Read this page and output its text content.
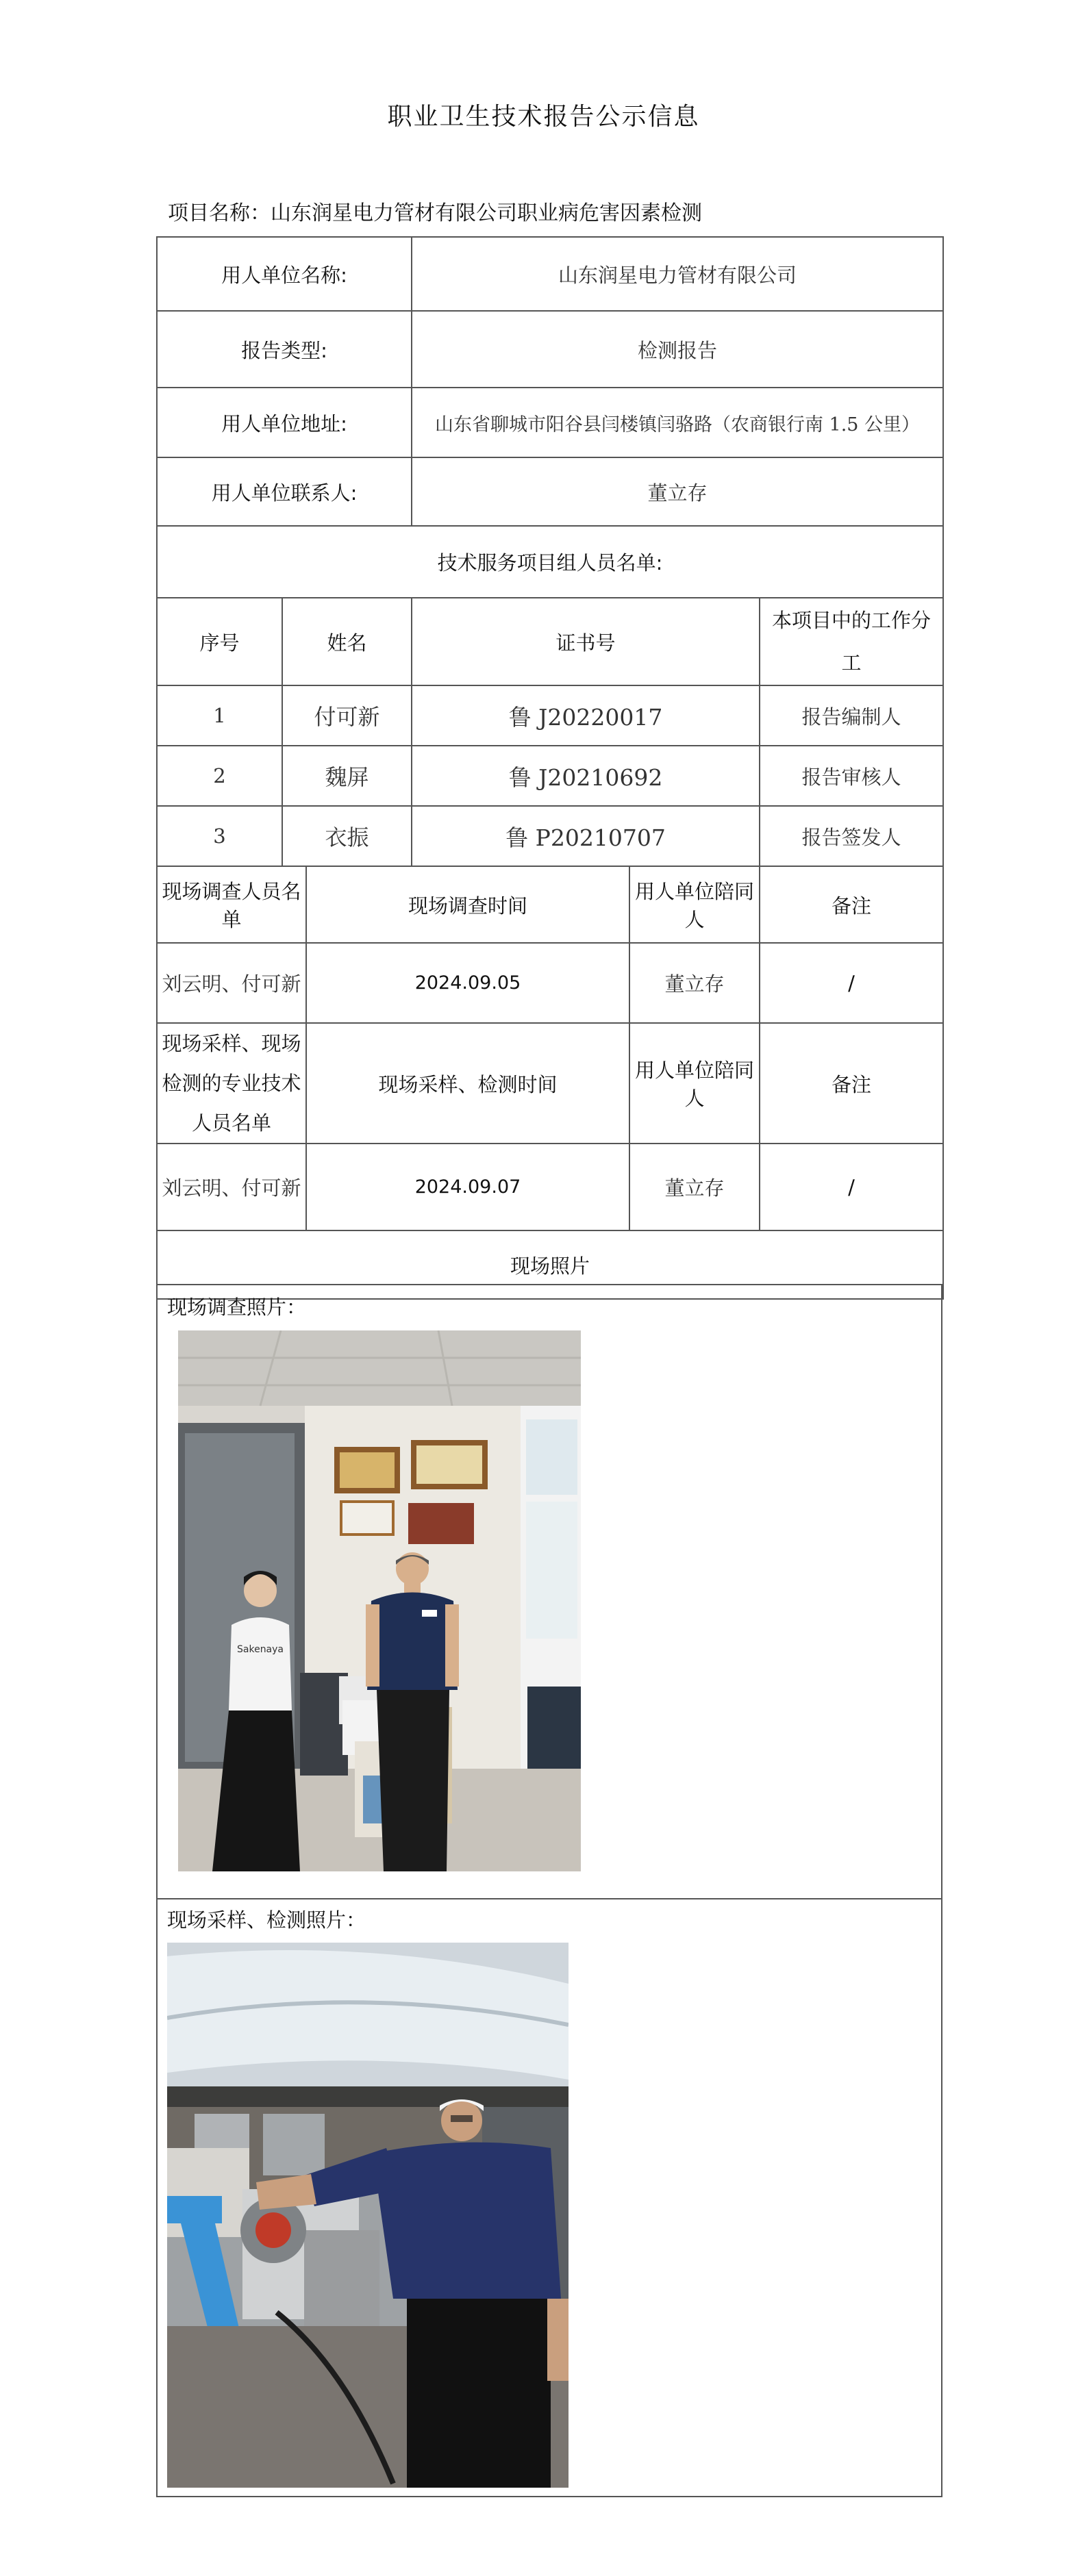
职业卫生技术报告公示信息
项目名称：山东润星电力管材有限公司职业病危害因素检测
用人单位名称:			山东润星电力管材有限公司		
报告类型:			检测报告		
用人单位地址:			山东省聊城市阳谷县闫楼镇闫骆路（农商银行南 1.5 公里）		
用人单位联系人:			董立存		
技术服务项目组人员名单:					
序号	姓名		证书号		本项目中的工作分工
1	付可新		鲁 J20220017		报告编制人
2	魏屏		鲁 J20210692		报告审核人
3	衣振		鲁 P20210707		报告签发人
现场调查人员名单		现场调查时间		用人单位陪同人	备注
刘云明、付可新		2024.09.05		董立存	/
现场采样、现场检测的专业技术人员名单		现场采样、检测时间		用人单位陪同人	备注
刘云明、付可新		2024.09.07		董立存	/
现场照片					
现场调查照片：
Sakenaya
现场采样、检测照片：
